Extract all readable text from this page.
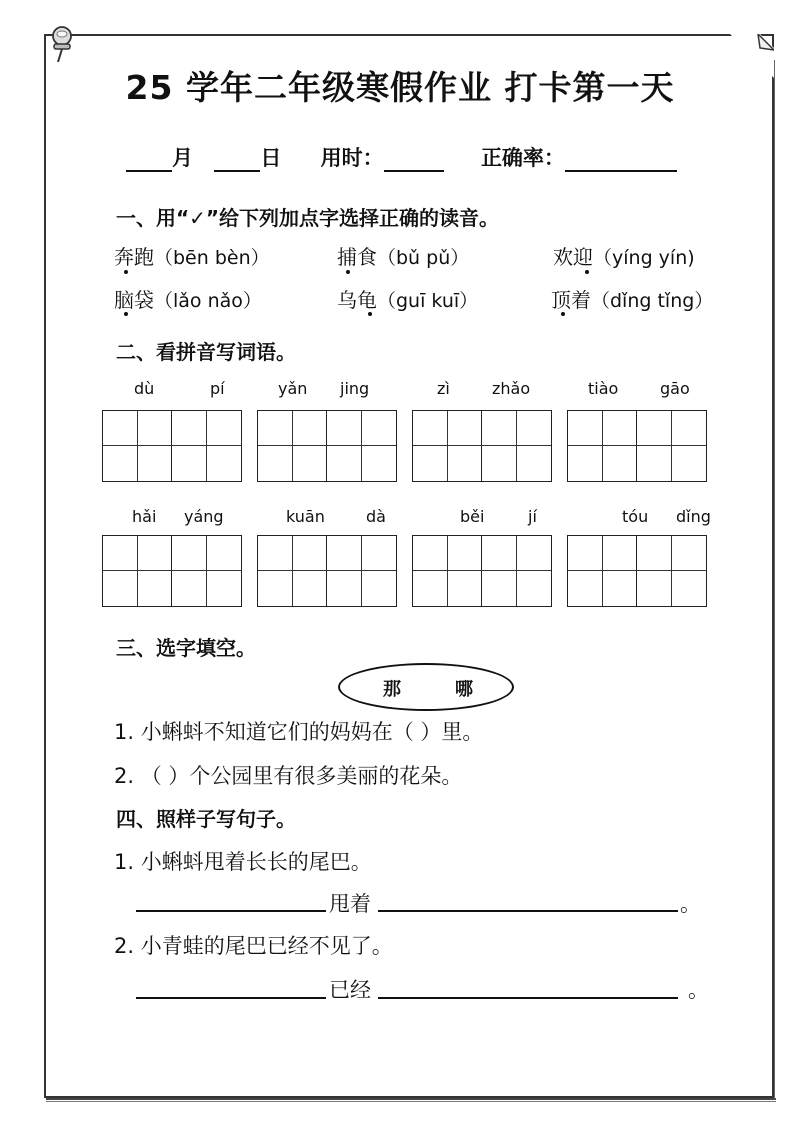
25 学年二年级寒假作业 打卡第一天
月	日 用时：	正确率：
一、用“✓”给下列加点字选择正确的读音。
奔跑（bēn bèn）	捕食（bǔ pǔ）	欢迎（yíng yín)
脑袋（lǎo nǎo）	乌龟（guī kuī）	顶着（dǐng tǐng）
二、看拼音写词语。
dù	pí	yǎn jing	zì	zhǎo	tiào	gāo
hǎi yáng	kuān	dà	běi	jí	tóu dǐng
三、选字填空。
那	哪
1. 小蝌蚪不知道它们的妈妈在（ ）里。
2. （ ）个公园里有很多美丽的花朵。
四、照样子写句子。
1. 小蝌蚪甩着长长的尾巴。
甩着	。
2. 小青蛙的尾巴已经不见了。
已经	。
